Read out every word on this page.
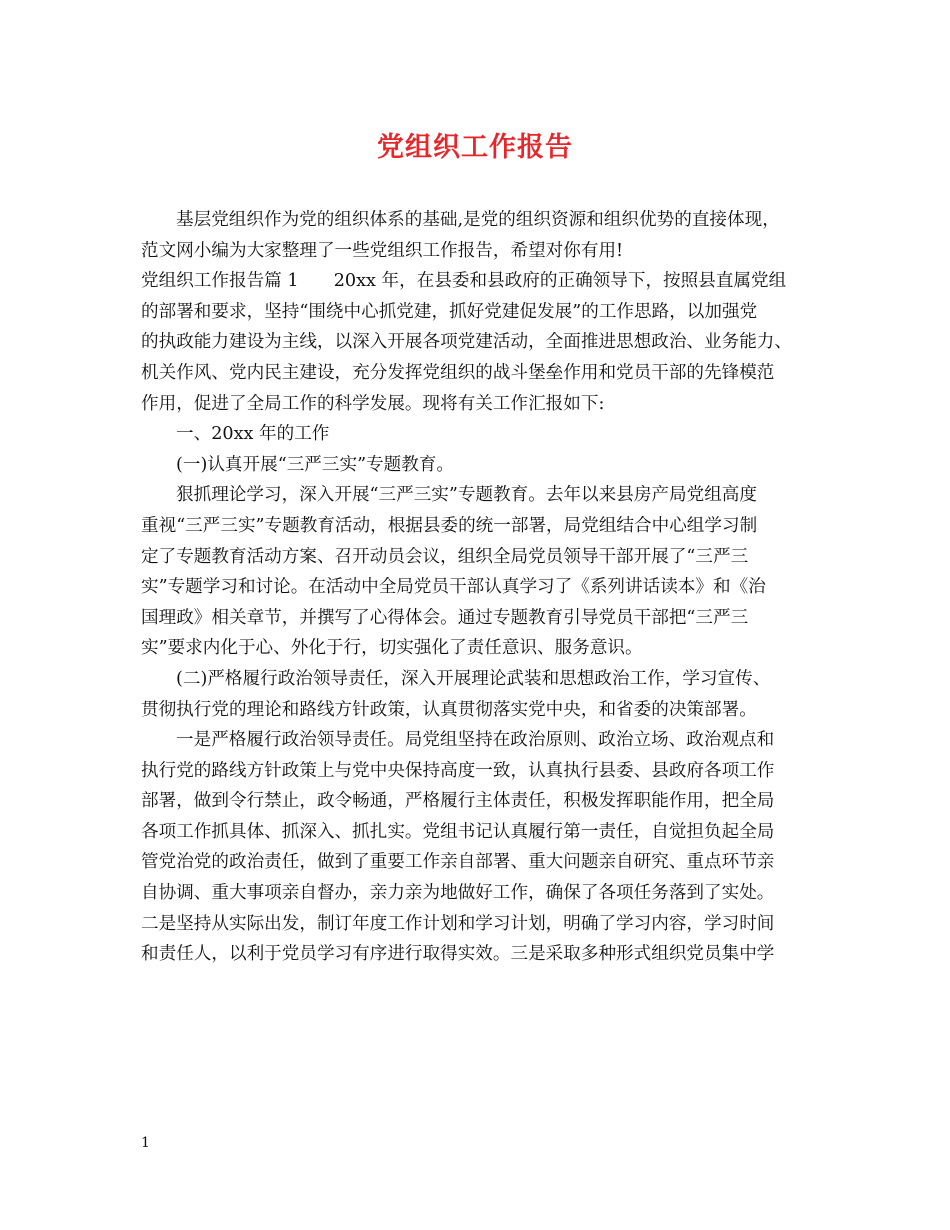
党组织工作报告
基层党组织作为党的组织体系的基础,是党的组织资源和组织优势的直接体现，
范文网小编为大家整理了一些党组织工作报告，希望对你有用!
党组织工作报告篇 1　　20xx 年，在县委和县政府的正确领导下，按照县直属党组
的部署和要求，坚持“围绕中心抓党建，抓好党建促发展”的工作思路，以加强党
的执政能力建设为主线，以深入开展各项党建活动，全面推进思想政治、业务能力、
机关作风、党内民主建设，充分发挥党组织的战斗堡垒作用和党员干部的先锋模范
作用，促进了全局工作的科学发展。现将有关工作汇报如下:
一、20xx 年的工作
(一)认真开展“三严三实”专题教育。
狠抓理论学习，深入开展“三严三实”专题教育。去年以来县房产局党组高度
重视“三严三实”专题教育活动，根据县委的统一部署，局党组结合中心组学习制
定了专题教育活动方案、召开动员会议，组织全局党员领导干部开展了“三严三
实”专题学习和讨论。在活动中全局党员干部认真学习了《系列讲话读本》和《治
国理政》相关章节，并撰写了心得体会。通过专题教育引导党员干部把“三严三
实”要求内化于心、外化于行，切实强化了责任意识、服务意识。
(二)严格履行政治领导责任，深入开展理论武装和思想政治工作，学习宣传、
贯彻执行党的理论和路线方针政策，认真贯彻落实党中央，和省委的决策部署。
一是严格履行政治领导责任。局党组坚持在政治原则、政治立场、政治观点和
执行党的路线方针政策上与党中央保持高度一致，认真执行县委、县政府各项工作
部署，做到令行禁止，政令畅通，严格履行主体责任，积极发挥职能作用，把全局
各项工作抓具体、抓深入、抓扎实。党组书记认真履行第一责任，自觉担负起全局
管党治党的政治责任，做到了重要工作亲自部署、重大问题亲自研究、重点环节亲
自协调、重大事项亲自督办，亲力亲为地做好工作，确保了各项任务落到了实处。
二是坚持从实际出发，制订年度工作计划和学习计划，明确了学习内容，学习时间
和责任人，以利于党员学习有序进行取得实效。三是采取多种形式组织党员集中学
1
